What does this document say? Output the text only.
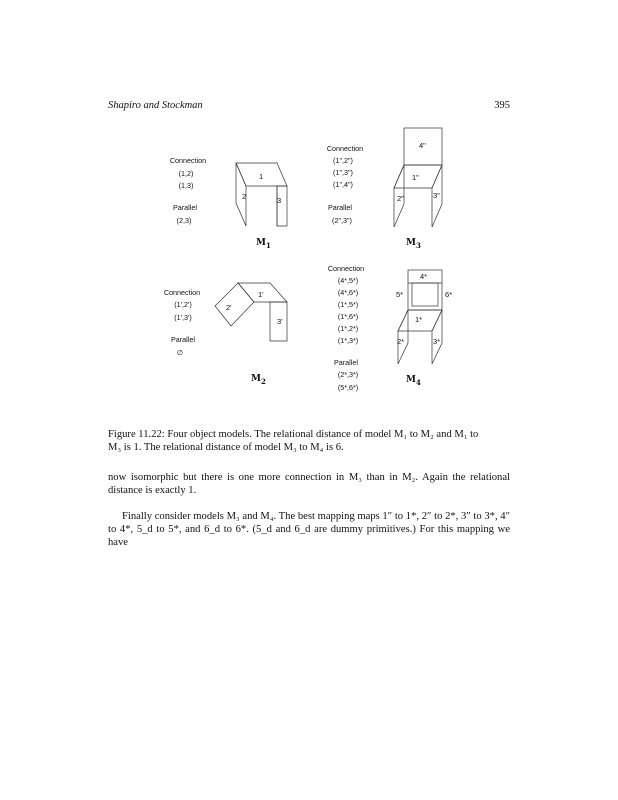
Shapiro and Stockman	395
1
2	3
1'
2'
3'
4"
1"
2"	3"
4*
5*	6*
1*
2*	3*
Connection
(1,2)
(1,3)
Parallel
(2,3)
$M_1$
Connection
(1",2")
(1",3")
(1",4")
Parallel
(2",3")
$M_3$
Connection
(1',2')
(1',3')
Parallel
∅
$M_2$
Connection
(4*,5*)
(4*,6*)
(1*,5*)
(1*,6*)
(1*,2*)
(1*,3*)
Parallel
(2*,3*)
(5*,6*)
$M_4$
Figure 11.22: Four object models. The relational distance of model M₁ to M₂ and M₁ to
M₃ is 1. The relational distance of model M₃ to M₄ is 6.
now isomorphic but there is one more connection in M₃ than in M₂. Again the relational distance is exactly 1.
Finally consider models M₃ and M₄. The best mapping maps 1″ to 1*, 2″ to 2*, 3″ to 3*, 4″ to 4*, 5_d to 5*, and 6_d to 6*. (5_d and 6_d are dummy primitives.) For this mapping we have
